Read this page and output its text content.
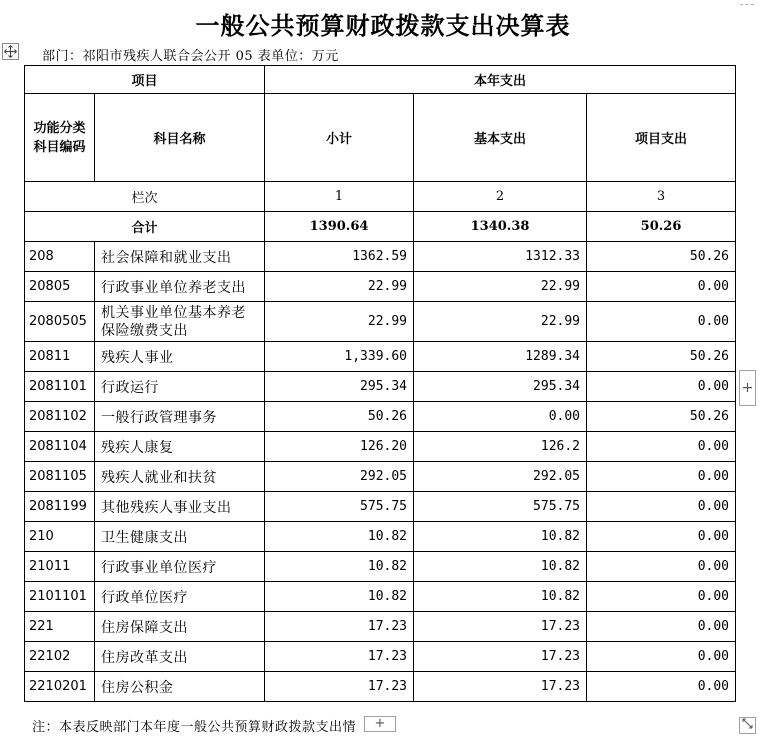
一般公共预算财政拨款支出决算表
部门：祁阳市残疾人联合会公开 05 表单位：万元
项目		本年支出		
功能分类科目编码	科目名称	小计	基本支出	项目支出
栏次		1	2	3
合计		1390.64	1340.38	50.26
208	社会保障和就业支出	1362.59	1312.33	50.26
20805	行政事业单位养老支出	22.99	22.99	0.00
2080505	机关事业单位基本养老保险缴费支出	22.99	22.99	0.00
20811	残疾人事业	1,339.60	1289.34	50.26
2081101	行政运行	295.34	295.34	0.00
2081102	一般行政管理事务	50.26	0.00	50.26
2081104	残疾人康复	126.20	126.2	0.00
2081105	残疾人就业和扶贫	292.05	292.05	0.00
2081199	其他残疾人事业支出	575.75	575.75	0.00
210	卫生健康支出	10.82	10.82	0.00
21011	行政事业单位医疗	10.82	10.82	0.00
2101101	行政单位医疗	10.82	10.82	0.00
221	住房保障支出	17.23	17.23	0.00
22102	住房改革支出	17.23	17.23	0.00
2210201	住房公积金	17.23	17.23	0.00
+
注：本表反映部门本年度一般公共预算财政拨款支出情	+
